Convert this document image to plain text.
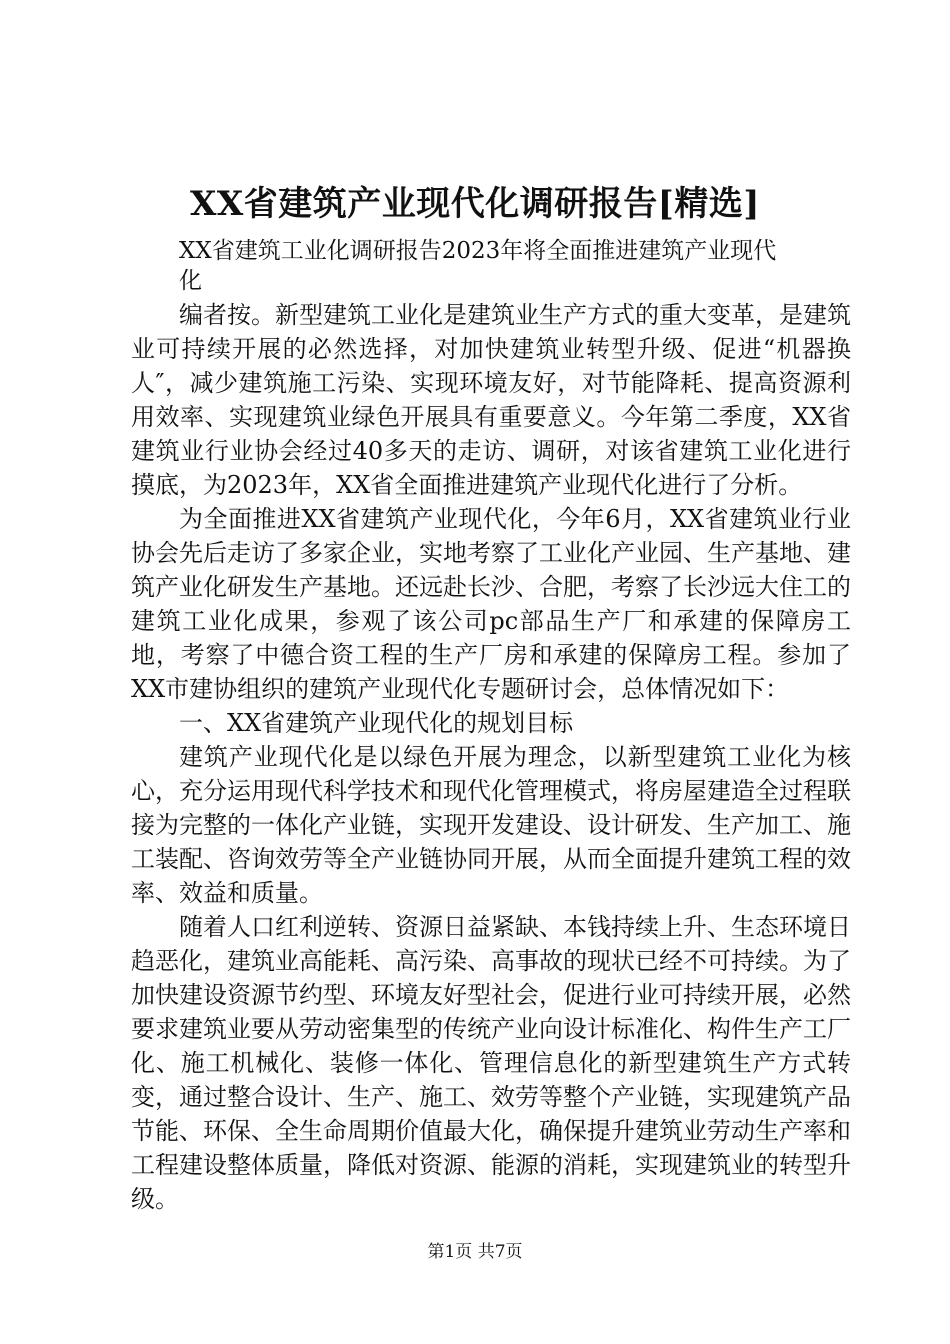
XX省建筑产业现代化调研报告[精选]

XX省建筑工业化调研报告2023年将全面推进建筑产业现代化

编者按。新型建筑工业化是建筑业生产方式的重大变革，是建筑业可持续开展的必然选择，对加快建筑业转型升级、促进“机器换人″，减少建筑施工污染、实现环境友好，对节能降耗、提高资源利用效率、实现建筑业绿色开展具有重要意义。今年第二季度，XX省建筑业行业协会经过40多天的走访、调研，对该省建筑工业化进行摸底，为2023年，XX省全面推进建筑产业现代化进行了分析。

为全面推进XX省建筑产业现代化，今年6月，XX省建筑业行业协会先后走访了多家企业，实地考察了工业化产业园、生产基地、建筑产业化研发生产基地。还远赴长沙、合肥，考察了长沙远大住工的建筑工业化成果，参观了该公司pc部品生产厂和承建的保障房工地，考察了中德合资工程的生产厂房和承建的保障房工程。参加了XX市建协组织的建筑产业现代化专题研讨会，总体情况如下：

一、XX省建筑产业现代化的规划目标

建筑产业现代化是以绿色开展为理念，以新型建筑工业化为核心，充分运用现代科学技术和现代化管理模式，将房屋建造全过程联接为完整的一体化产业链，实现开发建设、设计研发、生产加工、施工装配、咨询效劳等全产业链协同开展，从而全面提升建筑工程的效率、效益和质量。

随着人口红利逆转、资源日益紧缺、本钱持续上升、生态环境日趋恶化，建筑业高能耗、高污染、高事故的现状已经不可持续。为了加快建设资源节约型、环境友好型社会，促进行业可持续开展，必然要求建筑业要从劳动密集型的传统产业向设计标准化、构件生产工厂化、施工机械化、装修一体化、管理信息化的新型建筑生产方式转变，通过整合设计、生产、施工、效劳等整个产业链，实现建筑产品节能、环保、全生命周期价值最大化，确保提升建筑业劳动生产率和工程建设整体质量，降低对资源、能源的消耗，实现建筑业的转型升级。

第1页 共7页
